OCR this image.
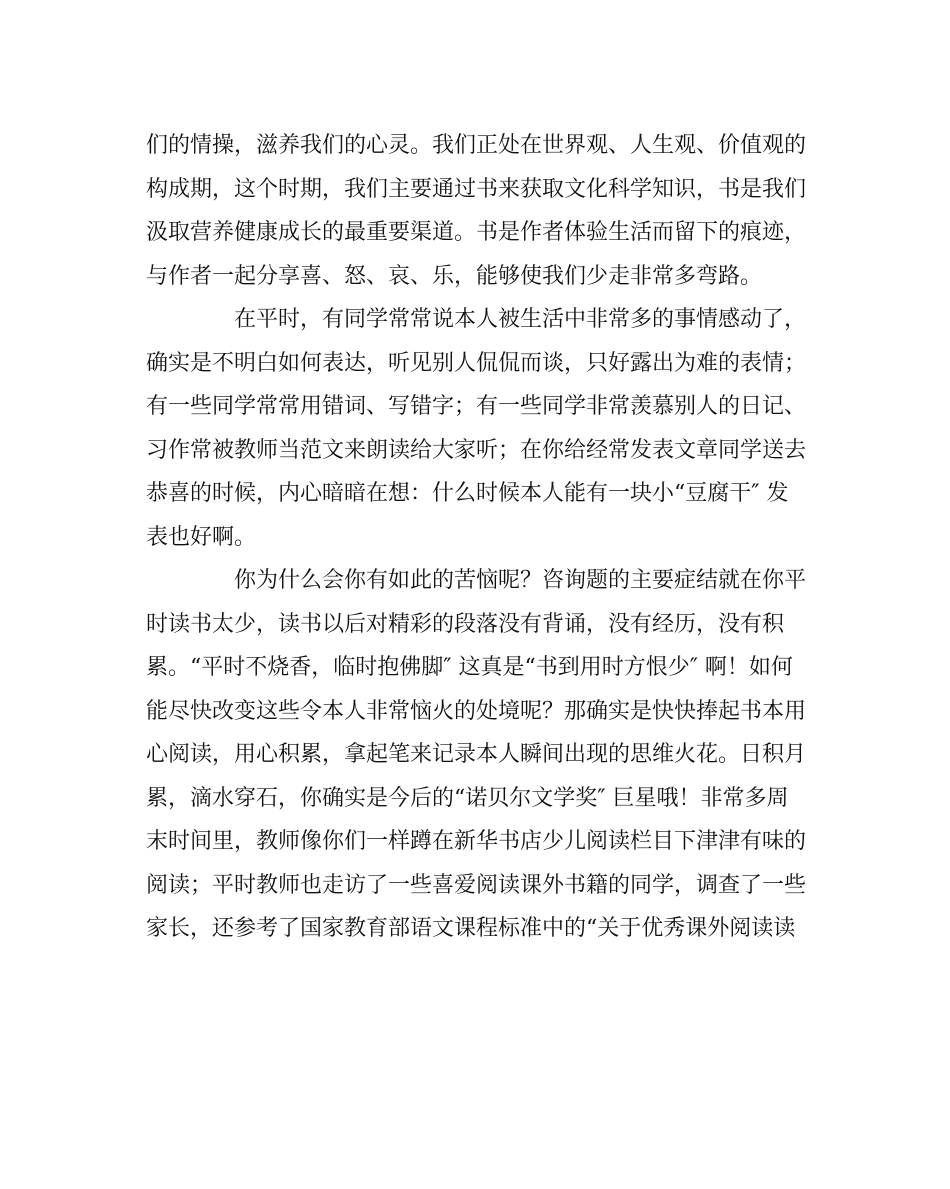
们的情操，滋养我们的心灵。我们正处在世界观、人生观、价值观的
构成期，这个时期，我们主要通过书来获取文化科学知识，书是我们
汲取营养健康成长的最重要渠道。书是作者体验生活而留下的痕迹，
与作者一起分享喜、怒、哀、乐，能够使我们少走非常多弯路。
在平时，有同学常常说本人被生活中非常多的事情感动了，
确实是不明白如何表达，听见别人侃侃而谈，只好露出为难的表情；
有一些同学常常用错词、写错字；有一些同学非常羡慕别人的日记、
习作常被教师当范文来朗读给大家听；在你给经常发表文章同学送去
恭喜的时候，内心暗暗在想：什么时候本人能有一块小“豆腐干″ 发
表也好啊。
你为什么会你有如此的苦恼呢？咨询题的主要症结就在你平
时读书太少，读书以后对精彩的段落没有背诵，没有经历，没有积
累。“平时不烧香，临时抱佛脚″ 这真是“书到用时方恨少″ 啊！如何
能尽快改变这些令本人非常恼火的处境呢？那确实是快快捧起书本用
心阅读，用心积累，拿起笔来记录本人瞬间出现的思维火花。日积月
累，滴水穿石，你确实是今后的“诺贝尔文学奖″ 巨星哦！非常多周
末时间里，教师像你们一样蹲在新华书店少儿阅读栏目下津津有味的
阅读；平时教师也走访了一些喜爱阅读课外书籍的同学，调查了一些
家长，还参考了国家教育部语文课程标准中的“关于优秀课外阅读读
